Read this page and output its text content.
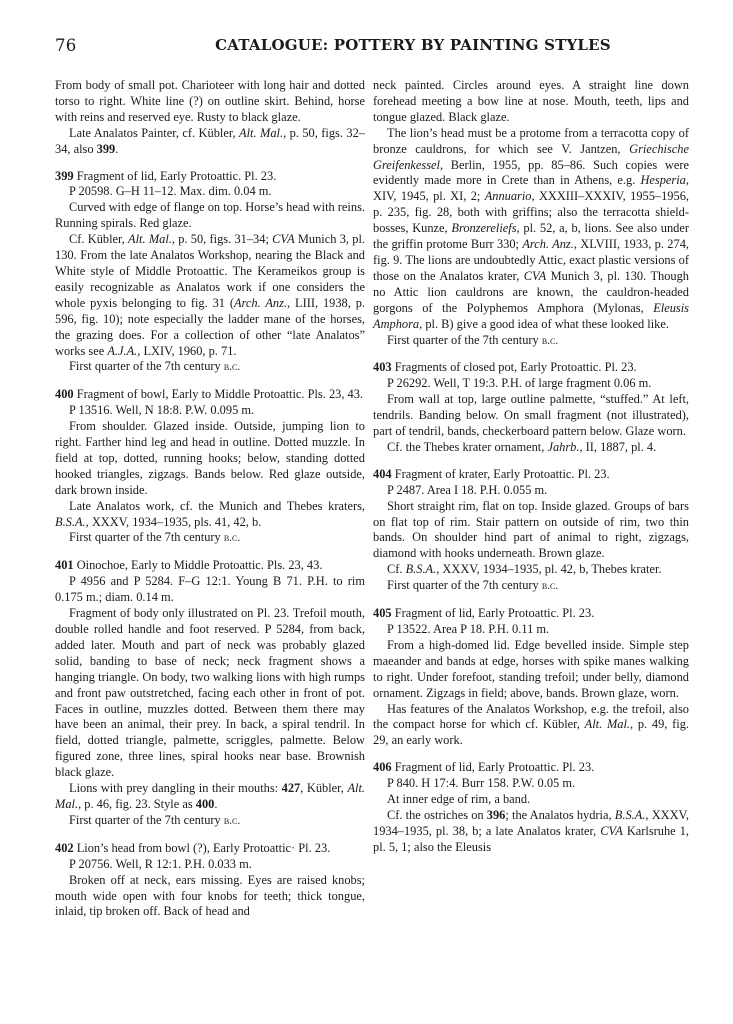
76	CATALOGUE: POTTERY BY PAINTING STYLES

From body of small pot. Charioteer with long hair and dotted torso to right. White line (?) on outline skirt. Behind, horse with reins and reserved eye. Rusty to black glaze.

Late Analatos Painter, cf. Kübler, Alt. Mal., p. 50, figs. 32–34, also 399.

399 Fragment of lid, Early Protoattic. Pl. 23.

P 20598. G–H 11–12. Max. dim. 0.04 m.

Curved with edge of flange on top. Horse’s head with reins. Running spirals. Red glaze.

Cf. Kübler, Alt. Mal., p. 50, figs. 31–34; CVA Munich 3, pl. 130. From the late Analatos Workshop, nearing the Black and White style of Middle Protoattic. The Kerameikos group is easily recognizable as Analatos work if one considers the whole pyxis belonging to fig. 31 (Arch. Anz., LIII, 1938, p. 596, fig. 10); note especially the ladder mane of the horses, the grazing does. For a collection of other “late Analatos” works see A.J.A., LXIV, 1960, p. 71.

First quarter of the 7th century b.c.

400 Fragment of bowl, Early to Middle Protoattic. Pls. 23, 43.

P 13516. Well, N 18:8. P.W. 0.095 m.

From shoulder. Glazed inside. Outside, jumping lion to right. Farther hind leg and head in outline. Dotted muzzle. In field at top, dotted, running hooks; below, standing dotted hooked triangles, zigzags. Bands below. Red glaze outside, dark brown inside.

Late Analatos work, cf. the Munich and Thebes kraters, B.S.A., XXXV, 1934–1935, pls. 41, 42, b.

First quarter of the 7th century b.c.

401 Oinochoe, Early to Middle Protoattic. Pls. 23, 43.

P 4956 and P 5284. F–G 12:1. Young B 71. P.H. to rim 0.175 m.; diam. 0.14 m.

Fragment of body only illustrated on Pl. 23. Trefoil mouth, double rolled handle and foot reserved. P 5284, from back, added later. Mouth and part of neck was probably glazed solid, banding to base of neck; neck fragment shows a hanging triangle. On body, two walking lions with high rumps and front paw outstretched, facing each other in front of pot. Faces in outline, muzzles dotted. Between them there may have been an animal, their prey. In back, a spiral tendril. In field, dotted triangle, palmette, scriggles, palmette. Below figured zone, three lines, spiral hooks near base. Brownish black glaze.

Lions with prey dangling in their mouths: 427, Kübler, Alt. Mal., p. 46, fig. 23. Style as 400.

First quarter of the 7th century b.c.

402 Lion’s head from bowl (?), Early Protoattic· Pl. 23.

P 20756. Well, R 12:1. P.H. 0.033 m.

Broken off at neck, ears missing. Eyes are raised knobs; mouth wide open with four knobs for teeth; thick tongue, inlaid, tip broken off. Back of head and

neck painted. Circles around eyes. A straight line down forehead meeting a bow line at nose. Mouth, teeth, lips and tongue glazed. Black glaze.

The lion’s head must be a protome from a terracotta copy of bronze cauldrons, for which see V. Jantzen, Griechische Greifenkessel, Berlin, 1955, pp. 85–86. Such copies were evidently made more in Crete than in Athens, e.g. Hesperia, XIV, 1945, pl. XI, 2; Annuario, XXXIII–XXXIV, 1955–1956, p. 235, fig. 28, both with griffins; also the terracotta shield-bosses, Kunze, Bronzereliefs, pl. 52, a, b, lions. See also under the griffin protome Burr 330; Arch. Anz., XLVIII, 1933, p. 274, fig. 9. The lions are undoubtedly Attic, exact plastic versions of those on the Analatos krater, CVA Munich 3, pl. 130. Though no Attic lion cauldrons are known, the cauldron-headed gorgons of the Polyphemos Amphora (Mylonas, Eleusis Amphora, pl. B) give a good idea of what these looked like.

First quarter of the 7th century b.c.

403 Fragments of closed pot, Early Protoattic. Pl. 23.

P 26292. Well, T 19:3. P.H. of large fragment 0.06 m.

From wall at top, large outline palmette, “stuffed.” At left, tendrils. Banding below. On small fragment (not illustrated), part of tendril, bands, checkerboard pattern below. Glaze worn.

Cf. the Thebes krater ornament, Jahrb., II, 1887, pl. 4.

404 Fragment of krater, Early Protoattic. Pl. 23.

P 2487. Area I 18. P.H. 0.055 m.

Short straight rim, flat on top. Inside glazed. Groups of bars on flat top of rim. Stair pattern on outside of rim, two thin bands. On shoulder hind part of animal to right, zigzags, diamond with hooks underneath. Brown glaze.

Cf. B.S.A., XXXV, 1934–1935, pl. 42, b, Thebes krater.

First quarter of the 7th century b.c.

405 Fragment of lid, Early Protoattic. Pl. 23.

P 13522. Area P 18. P.H. 0.11 m.

From a high-domed lid. Edge bevelled inside. Simple step maeander and bands at edge, horses with spike manes walking to right. Under forefoot, standing trefoil; under belly, diamond ornament. Zigzags in field; above, bands. Brown glaze, worn.

Has features of the Analatos Workshop, e.g. the trefoil, also the compact horse for which cf. Kübler, Alt. Mal., p. 49, fig. 29, an early work.

406 Fragment of lid, Early Protoattic. Pl. 23.

P 840. H 17:4. Burr 158. P.W. 0.05 m.

At inner edge of rim, a band.

Cf. the ostriches on 396; the Analatos hydria, B.S.A., XXXV, 1934–1935, pl. 38, b; a late Analatos krater, CVA Karlsruhe 1, pl. 5, 1; also the Eleusis
